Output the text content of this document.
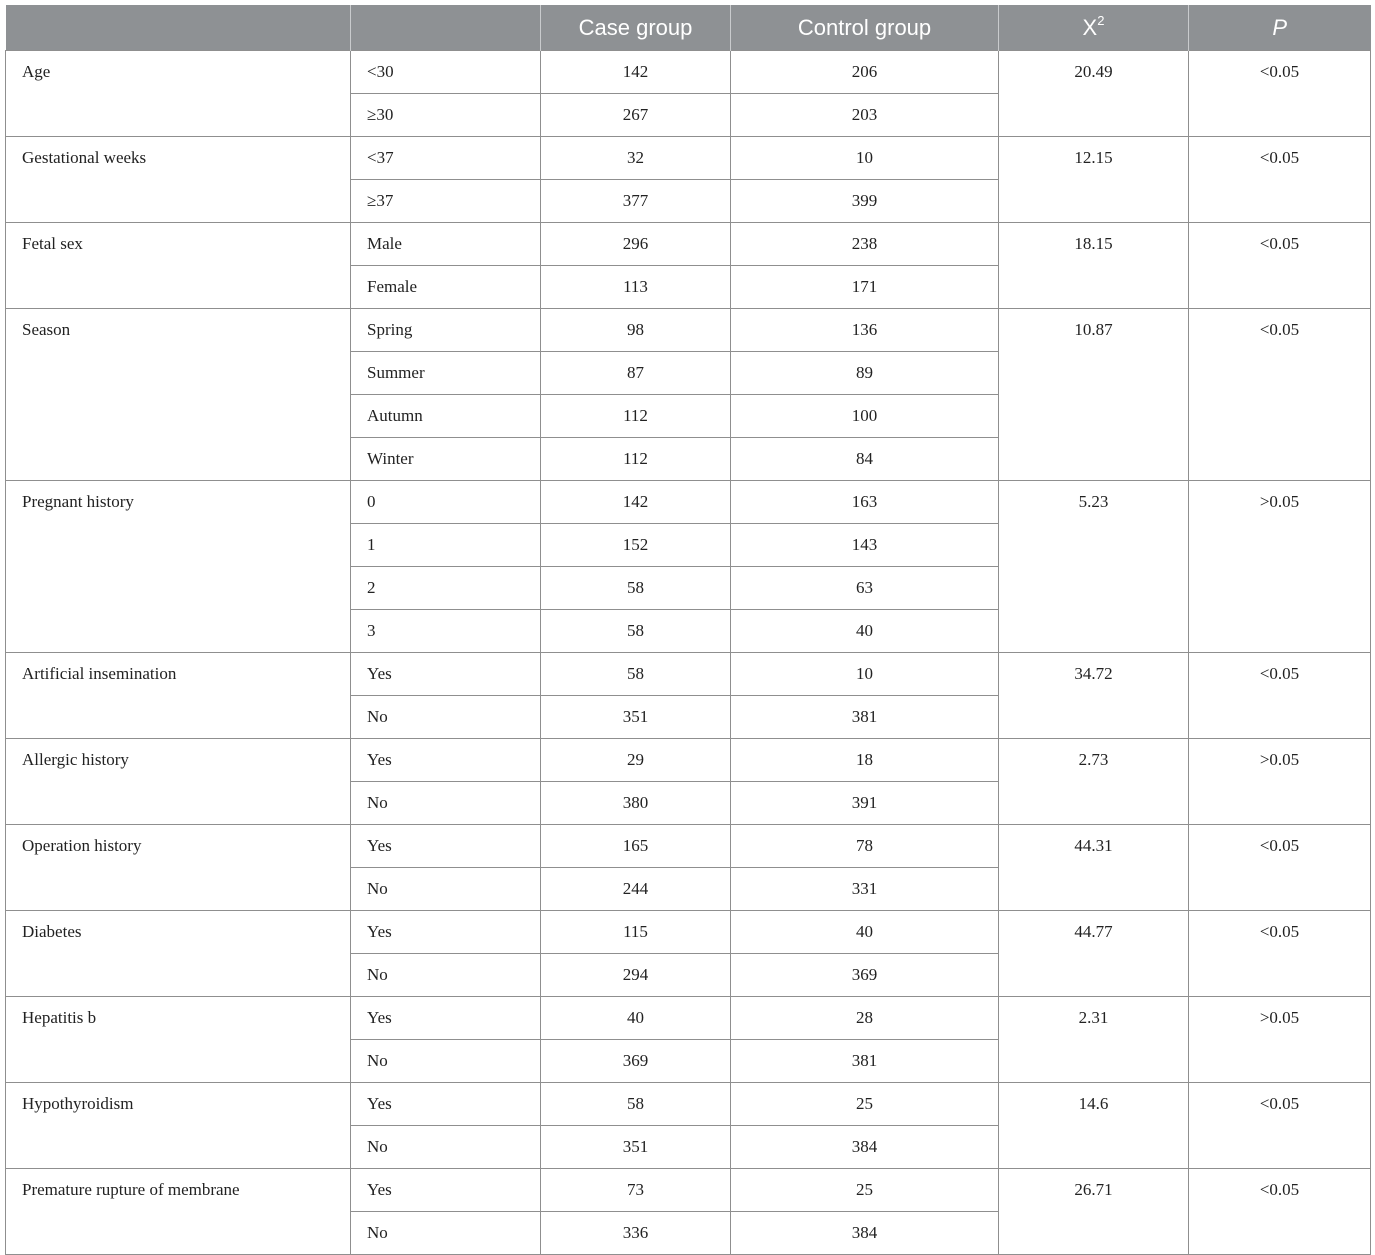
		Case group	Control group	$X^2$	P
Age	<30	142	206	20.49	<0.05
	≥30	267	203		
Gestational weeks	<37	32	10	12.15	<0.05
	≥37	377	399		
Fetal sex	Male	296	238	18.15	<0.05
	Female	113	171		
Season	Spring	98	136	10.87	<0.05
	Summer	87	89		
	Autumn	112	100		
	Winter	112	84		
Pregnant history	0	142	163	5.23	>0.05
	1	152	143		
	2	58	63		
	3	58	40		
Artificial insemination	Yes	58	10	34.72	<0.05
	No	351	381		
Allergic history	Yes	29	18	2.73	>0.05
	No	380	391		
Operation history	Yes	165	78	44.31	<0.05
	No	244	331		
Diabetes	Yes	115	40	44.77	<0.05
	No	294	369		
Hepatitis b	Yes	40	28	2.31	>0.05
	No	369	381		
Hypothyroidism	Yes	58	25	14.6	<0.05
	No	351	384		
Premature rupture of membrane	Yes	73	25	26.71	<0.05
	No	336	384		
